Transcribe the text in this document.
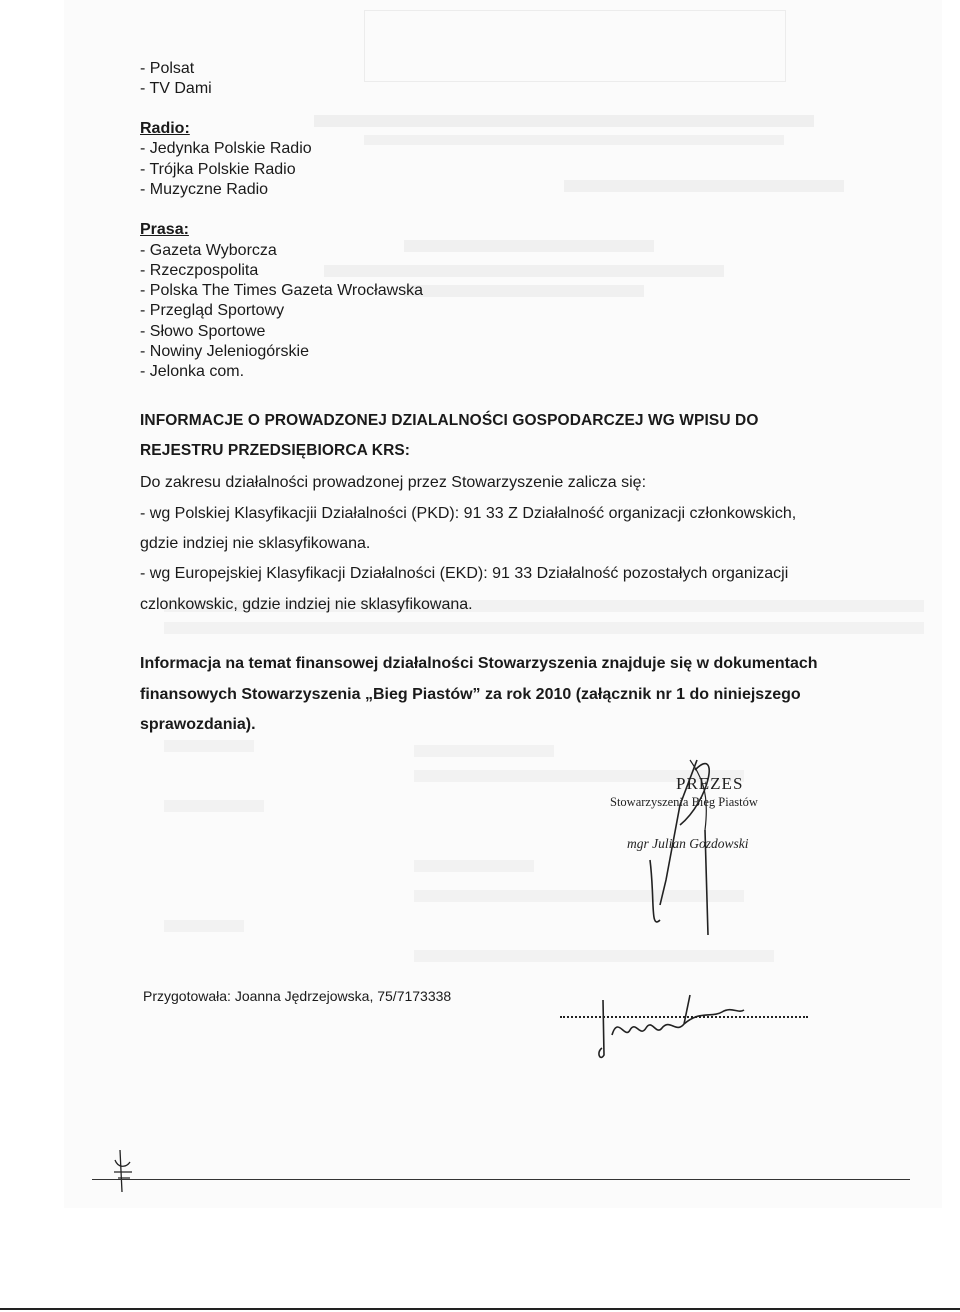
- Polsat
- TV Dami
Radio:
- Jedynka Polskie Radio
- Trójka Polskie Radio
- Muzyczne Radio
Prasa:
- Gazeta Wyborcza
- Rzeczpospolita
- Polska The Times Gazeta Wrocławska
- Przegląd Sportowy
- Słowo Sportowe
- Nowiny Jeleniogórskie
- Jelonka com.
INFORMACJE O PROWADZONEJ DZIALALNOŚCI GOSPODARCZEJ WG WPISU DO
REJESTRU PRZEDSIĘBIORCA KRS:
Do zakresu działalności prowadzonej przez Stowarzyszenie zalicza się:
- wg Polskiej Klasyfikacjii Działalności (PKD): 91 33 Z Działalność organizacji członkowskich,
gdzie indziej nie sklasyfikowana.
- wg Europejskiej Klasyfikacji Działalności (EKD): 91 33 Działalność pozostałych organizacji
czlonkowskic, gdzie indziej nie sklasyfikowana.
Informacja na temat finansowej działalności Stowarzyszenia znajduje się w dokumentach
finansowych Stowarzyszenia „Bieg Piastów” za rok 2010 (załącznik nr 1 do niniejszego
sprawozdania).
PREZES
Stowarzyszenia Bieg Piastów
mgr Julian Gozdowski
Przygotowała: Joanna Jędrzejowska, 75/7173338
